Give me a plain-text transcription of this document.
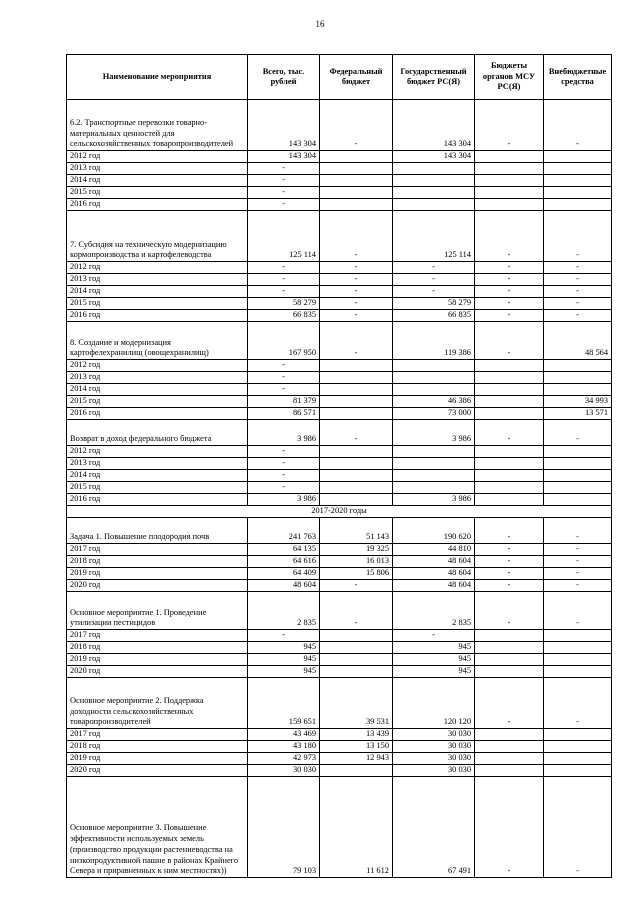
16
Наименование мероприятия	Всего, тыс. рублей	Федеральный бюджет	Государственный бюджет РС(Я)	Бюджеты органов МСУ РС(Я)	Внебюджетные средства
6.2. Транспортные перевозки товарно-материальных ценностей для сельскохозяйственных товаропроизводителей	143 304	-	143 304	-	-
2012 год	143 304		143 304		
2013 год	-				
2014 год	-				
2015 год	-				
2016 год	-				
7. Субсидия на техническую модернизацию кормопроизводства и картофелеводства	125 114	-	125 114	-	-
2012 год	-	-	-	-	-
2013 год	-	-	-	-	-
2014 год	-	-	-	-	-
2015 год	58 279	-	58 279	-	-
2016 год	66 835	-	66 835	-	-
8. Создание и модернизация картофелехранилищ (овощехранилищ)	167 950	-	119 386	-	48 564
2012 год	-				
2013 год	-				
2014 год	-				
2015 год	81 379		46 386		34 993
2016 год	86 571		73 000		13 571
Возврат в доход федерального бюджета	3 986	-	3 986	-	-
2012 год	-				
2013 год	-				
2014 год	-				
2015 год	-				
2016 год	3 986		3 986		
2017-2020 годы					
Задача 1. Повышение плодородия почв	241 763	51 143	190 620	-	-
2017 год	64 135	19 325	44 810	-	-
2018 год	64 616	16 013	48 604	-	-
2019 год	64 409	15 806	48 604	-	-
2020 год	48 604	-	48 604	-	-
Основное мероприятие 1. Проведение утилизации пестицидов	2 835	-	2 835	-	-
2017 год	-		-		
2018 год	945		945		
2019 год	945		945		
2020 год	945		945		
Основное мероприятие 2. Поддержка доходности сельскохозяйственных товаропроизводителей	159 651	39 531	120 120	-	-
2017 год	43 469	13 439	30 030		
2018 год	43 180	13 150	30 030		
2019 год	42 973	12 943	30 030		
2020 год	30 030		30 030		
Основное мероприятие 3. Повышение эффективности используемых земель (производство продукции растениеводства на низкопродуктивной пашне в районах Крайнего Севера и приравненных к ним местностях))	79 103	11 612	67 491	-	-
